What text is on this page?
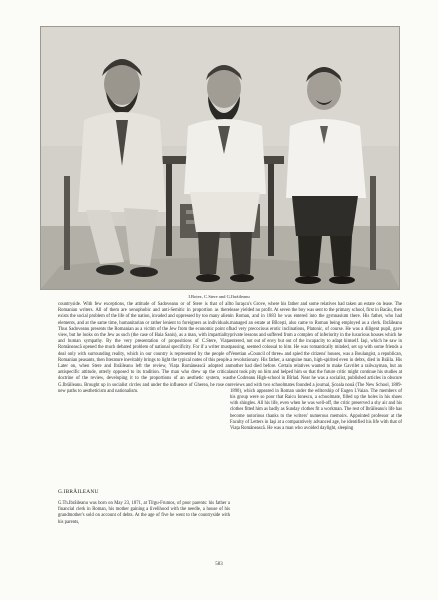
I.Botez, C.Stere and G.Ibrăileanu

countryside. With few exceptions, the attitude of Sadoveanu or of Stere is that of all Romanian writers. All of them are xenophobic and anti-Semitic in proportion as there exists the social problem of the life of the nation, invaded and oppressed by too many alien elements, and at the same time, humanitarian or rather lenient to foreigners as individuals. Thus Sadoveanu presents the Romanian as a victim of the Jew from the economic point of view, but he looks on the Jew as such (the case of Haia Sanis), as a man, with impartiality and human sympathy. By the very presentation of propositions of C.Stere, Viața Românească opened the much debated problem of national specificity. For if a writer must deal only with surrounding reality, which in our country is represented by the people of Romanian peasants, then literature inevitably brings to light the typical notes of this people. Later on, when Stere and Ibrăileanu left the review, Viața Românească adopted an antispecific attitude, utterly opposed to its tradition. The man who drew up the critical doctrine of the review, developing it to the proportions of an aesthetic system, was G.Ibrăileanu. Brought up in socialist circles and under the influence of Gherea, he rose on new paths to aestheticism and nationalism.

G.IBRĂILEANU

G.Th.Ibrăileanu was born on May 23, 1871, at Tîrgu-Frumos, of poor parents: his father a financial clerk in Roman, his mother gaining a livelihood with the needle, a house of his grandmother's sold on account of debts. At the age of five he went to the countryside with his parents,

to Iuraşcu's Grove, where his father and some relatives had taken an estate on lease. The lease yielded no profit. At seven the boy was sent to the primary school, first in Bacău, then in Roman, and in 1883 he was entered into the gymnasium there. His father, who had managed an estate at Bîlceşti, also came to Roman being employed as a clerk. Ibrăileanu had very precocious erotic inclinations, Platonic, of course. He was a diligent pupil, gave private lessons and suffered from a complex of inferiority in the luxurious houses which he entered, not out of envy but out of the incapacity to adapt himself. Iaşi, which he saw in passing, seemed colossal to him. He was romantically minded, set up with some friends a Venetian «Council of three» and spied the citizens' houses, was a Boulangist, a republican, a revolutionary. His father, a sanguine man, high-spirited even in debts, died in Brăila. His mother had died before. Certain relatives wanted to make Gavrilet a railwayman, but an aunt took pity on him and helped him so that the future critic might continue his studies at the Codreanu High-school in Bîrlad. Near he was a socialist, published articles in obscure reviews and with two schoolmates founded a journal, Şcoala nouă (The New School, 1889-1890), which appeared in Roman under the editorship of Eugen I.Vaian. The members of his group were so poor that Raicu Ionescu, a schoolmate, filled up the holes in his shoes with shingles. All his life, even when he was well-off, the critic preserved a shy air and his clothes fitted him as badly as Sunday clothes fit a workman. The rest of Ibrăileanu's life has become notorious thanks to the writers' numerous memoirs. Appointed professor at the Faculty of Letters in Iaşi at a comparatively advanced age, he identified his life with that of Viața Românească. He was a man who avoided daylight, sleeping

583
